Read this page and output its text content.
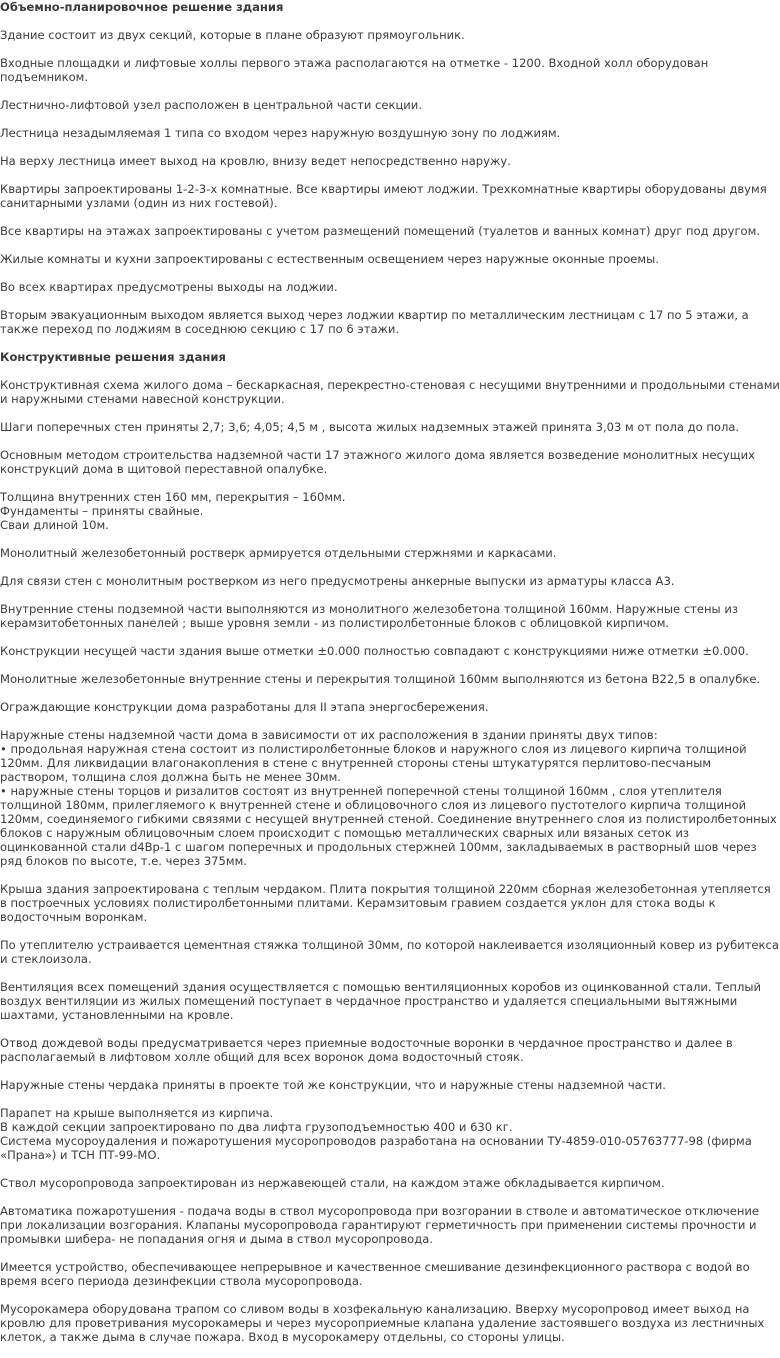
Объемно-планировочное решение здания
Здание состоит из двух секций, которые в плане образуют прямоугольник.
Входные площадки и лифтовые холлы первого этажа располагаются на отметке - 1200. Входной холл оборудован
подъемником.
Лестнично-лифтовой узел расположен в центральной части секции.
Лестница незадымляемая 1 типа со входом через наружную воздушную зону по лоджиям.
На верху лестница имеет выход на кровлю, внизу ведет непосредственно наружу.
Квартиры запроектированы 1-2-3-х комнатные. Все квартиры имеют лоджии. Трехкомнатные квартиры оборудованы двумя
санитарными узлами (один из них гостевой).
Все квартиры на этажах запроектированы с учетом размещений помещений (туалетов и ванных комнат) друг под другом.
Жилые комнаты и кухни запроектированы с естественным освещением через наружные оконные проемы.
Во всех квартирах предусмотрены выходы на лоджии.
Вторым эвакуационным выходом является выход через лоджии квартир по металлическим лестницам с 17 по 5 этажи, а
также переход по лоджиям в соседнюю секцию с 17 по 6 этажи.
Конструктивные решения здания
Конструктивная схема жилого дома – бескаркасная, перекрестно-стеновая с несущими внутренними и продольными стенами
и наружными стенами навесной конструкции.
Шаги поперечных стен приняты 2,7; 3,6; 4,05; 4,5 м , высота жилых надземных этажей принята 3,03 м от пола до пола.
Основным методом строительства надземной части 17 этажного жилого дома является возведение монолитных несущих
конструкций дома в щитовой переставной опалубке.
Толщина внутренних стен 160 мм, перекрытия – 160мм.
Фундаменты – приняты свайные.
Сваи длиной 10м.
Монолитный железобетонный ростверк армируется отдельными стержнями и каркасами.
Для связи стен с монолитным ростверком из него предусмотрены анкерные выпуски из арматуры класса А3.
Внутренние стены подземной части выполняются из монолитного железобетона толщиной 160мм. Наружные стены из
керамзитобетонных панелей ; выше уровня земли - из полистиролбетонные блоков с облицовкой кирпичом.
Конструкции несущей части здания выше отметки ±0.000 полностью совпадают с конструкциями ниже отметки ±0.000.
Монолитные железобетонные внутренние стены и перекрытия толщиной 160мм выполняются из бетона В22,5 в опалубке.
Ограждающие конструкции дома разработаны для II этапа энергосбережения.
Наружные стены надземной части дома в зависимости от их расположения в здании приняты двух типов:
• продольная наружная стена состоит из полистиролбетонные блоков и наружного слоя из лицевого кирпича толщиной
120мм. Для ликвидации влагонакопления в стене с внутренней стороны стены штукатурятся перлитово-песчаным
раствором, толщина слоя должна быть не менее 30мм.
• наружные стены торцов и ризалитов состоят из внутренней поперечной стены толщиной 160мм , слоя утеплителя
толщиной 180мм, прилегляемого к внутренней стене и облицовочного слоя из лицевого пустотелого кирпича толщиной
120мм, соединяемого гибкими связями с несущей внутренней стеной. Соединение внутреннего слоя из полистиролбетонных
блоков с наружным облицовочным слоем происходит с помощью металлических сварных или вязаных сеток из
оцинкованной стали d4Вр-1 с шагом поперечных и продольных стержней 100мм, закладываемых в растворный шов через
ряд блоков по высоте, т.е. через 375мм.
Крыша здания запроектирована с теплым чердаком. Плита покрытия толщиной 220мм сборная железобетонная утепляется
в построечных условиях полистиролбетонными плитами. Керамзитовым гравием создается уклон для стока воды к
водосточным воронкам.
По утеплителю устраивается цементная стяжка толщиной 30мм, по которой наклеивается изоляционный ковер из рубитекса
и стеклоизола.
Вентиляция всех помещений здания осуществляется с помощью вентиляционных коробов из оцинкованной стали. Теплый
воздух вентиляции из жилых помещений поступает в чердачное пространство и удаляется специальными вытяжными
шахтами, установленными на кровле.
Отвод дождевой воды предусматривается через приемные водосточные воронки в чердачное пространство и далее в
располагаемый в лифтовом холле общий для всех воронок дома водосточный стояк.
Наружные стены чердака приняты в проекте той же конструкции, что и наружные стены надземной части.
Парапет на крыше выполняется из кирпича.
В каждой секции запроектировано по два лифта грузоподъемностью 400 и 630 кг.
Система мусороудаления и пожаротушения мусоропроводов разработана на основании ТУ-4859-010-05763777-98 (фирма
«Прана») и ТСН ПТ-99-МО.
Ствол мусоропровода запроектирован из нержавеющей стали, на каждом этаже обкладывается кирпичом.
Автоматика пожаротушения - подача воды в ствол мусоропровода при возгорании в стволе и автоматическое отключение
при локализации возгорания. Клапаны мусоропровода гарантируют герметичность при применении системы прочности и
промывки шибера- не попадания огня и дыма в ствол мусоропровода.
Имеется устройство, обеспечивающее непрерывное и качественное смешивание дезинфекционного раствора с водой во
время всего периода дезинфекции ствола мусоропровода.
Мусорокамера оборудована трапом со сливом воды в хозфекальную канализацию. Вверху мусоропровод имеет выход на
кровлю для проветривания мусорокамеры и через мусороприемные клапана удаление застоявшего воздуха из лестничных
клеток, а также дыма в случае пожара. Вход в мусорокамеру отдельны, со стороны улицы.
